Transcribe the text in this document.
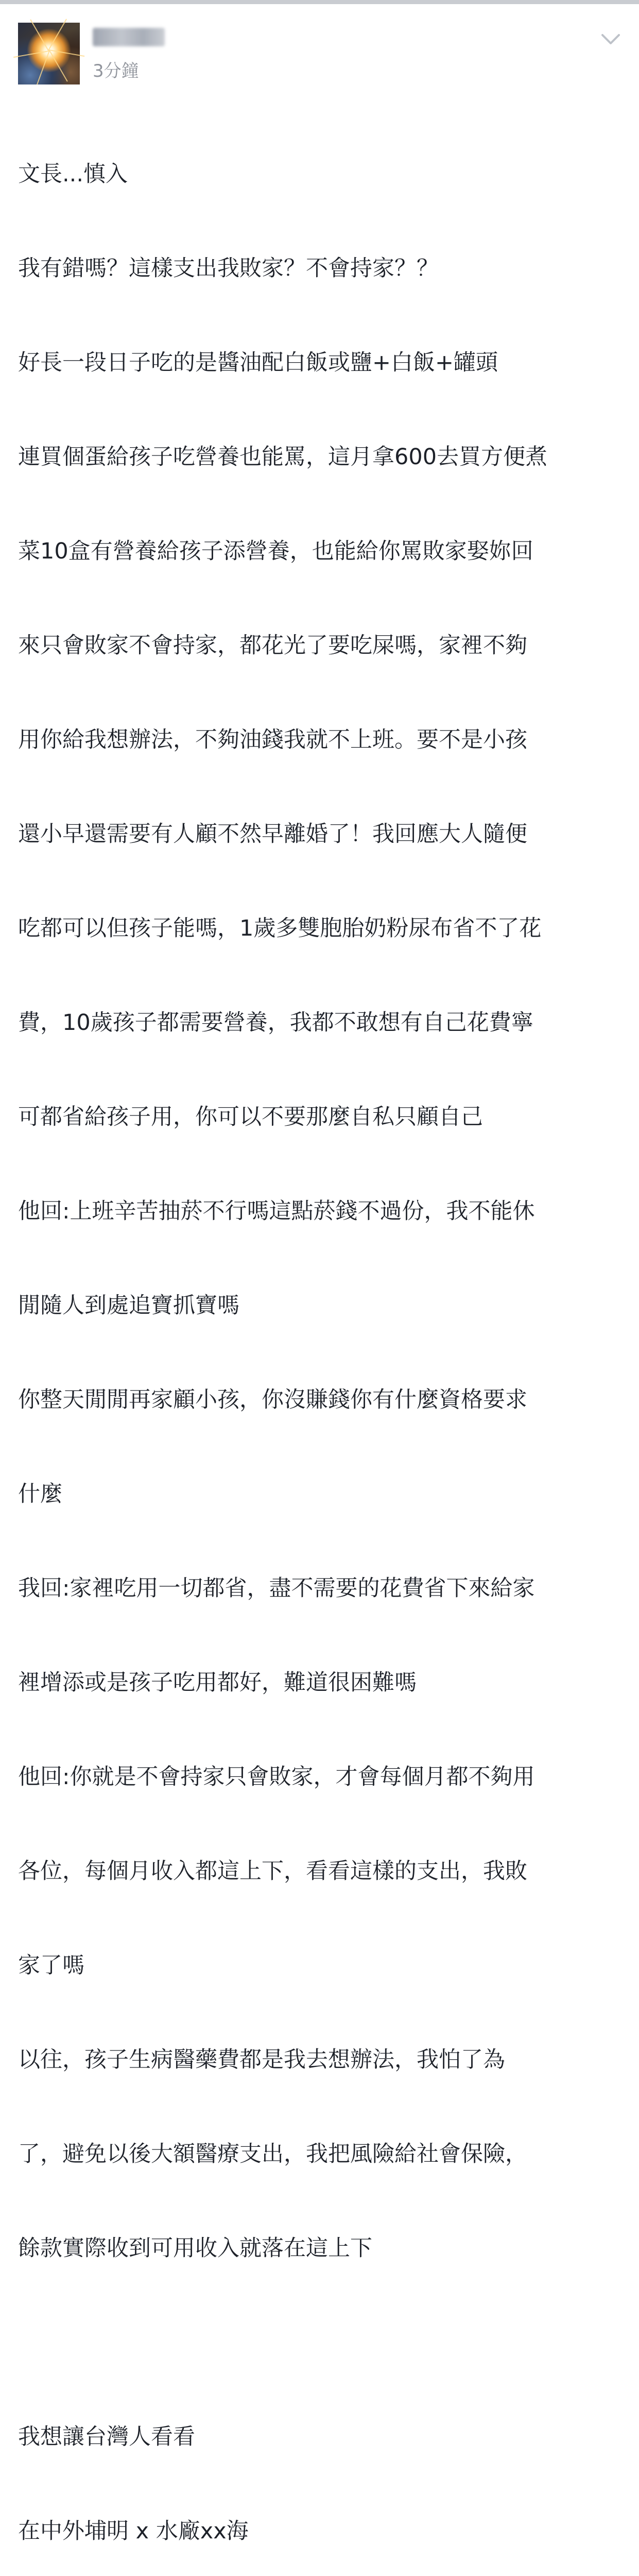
3分鐘

文長...慎入

我有錯嗎？這樣支出我敗家？不會持家？？

好長一段日子吃的是醬油配白飯或鹽+白飯+罐頭

連買個蛋給孩子吃營養也能罵，這月拿600去買方便煮

菜10盒有營養給孩子添營養，也能給你罵敗家娶妳回

來只會敗家不會持家，都花光了要吃屎嗎，家裡不夠

用你給我想辦法，不夠油錢我就不上班。要不是小孩

還小早還需要有人顧不然早離婚了！我回應大人隨便

吃都可以但孩子能嗎，1歲多雙胞胎奶粉尿布省不了花

費，10歲孩子都需要營養，我都不敢想有自己花費寧

可都省給孩子用，你可以不要那麼自私只顧自己

他回:上班辛苦抽菸不行嗎這點菸錢不過份，我不能休

閒隨人到處追寶抓寶嗎

你整天閒閒再家顧小孩，你沒賺錢你有什麼資格要求

什麼

我回:家裡吃用一切都省，盡不需要的花費省下來給家

裡增添或是孩子吃用都好，難道很困難嗎

他回:你就是不會持家只會敗家，才會每個月都不夠用

各位，每個月收入都這上下，看看這樣的支出，我敗

家了嗎

以往，孩子生病醫藥費都是我去想辦法，我怕了為

了，避免以後大額醫療支出，我把風險給社會保險，

餘款實際收到可用收入就落在這上下

我想讓台灣人看看

在中外埔明 x 水廠xx海
